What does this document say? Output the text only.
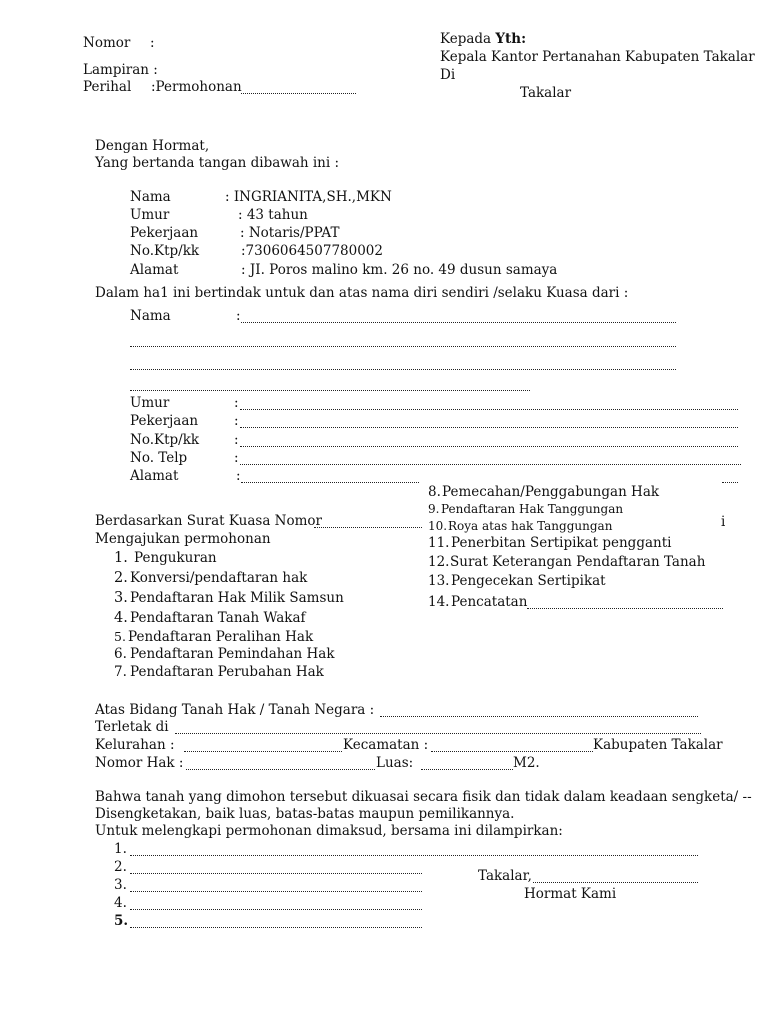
Nomor :
Lampiran :
Perihal :Permohonan
Kepada Yth:
Kepala Kantor Pertanahan Kabupaten Takalar
Di
Takalar
Dengan Hormat,
Yang bertanda tangan dibawah ini :
Nama	: INGRIANITA,SH.,MKN
Umur	: 43 tahun
Pekerjaan	: Notaris/PPAT
No.Ktp/kk	:7306064507780002
Alamat	: JI. Poros malino km. 26 no. 49 dusun samaya
Dalam ha1 ini bertindak untuk dan atas nama diri sendiri /selaku Kuasa dari :
Nama	:
Umur	:
Pekerjaan	:
No.Ktp/kk	:
No. Telp	:
Alamat	:
Berdasarkan Surat Kuasa Nomor	i
Mengajukan permohonan
1. Pengukuran
2. Konversi/pendaftaran hak
3. Pendaftaran Hak Milik Samsun
4. Pendaftaran Tanah Wakaf
5. Pendaftaran Peralihan Hak
6. Pendaftaran Pemindahan Hak
7. Pendaftaran Perubahan Hak
8. Pemecahan/Penggabungan Hak
9. Pendaftaran Hak Tanggungan
10. Roya atas hak Tanggungan
11. Penerbitan Sertipikat pengganti
12. Surat Keterangan Pendaftaran Tanah
13. Pengecekan Sertipikat
14. Pencatatan
Atas Bidang Tanah Hak / Tanah Negara :
Terletak di
Kelurahan :	Kecamatan :	Kabupaten Takalar
Nomor Hak :	Luas:	M2.
Bahwa tanah yang dimohon tersebut dikuasai secara fisik dan tidak dalam keadaan sengketa/ --
Disengketakan, baik luas, batas-batas maupun pemilikannya.
Untuk melengkapi permohonan dimaksud, bersama ini dilampirkan:
1.
2.
3.
4.
5.
Takalar,
Hormat Kami
